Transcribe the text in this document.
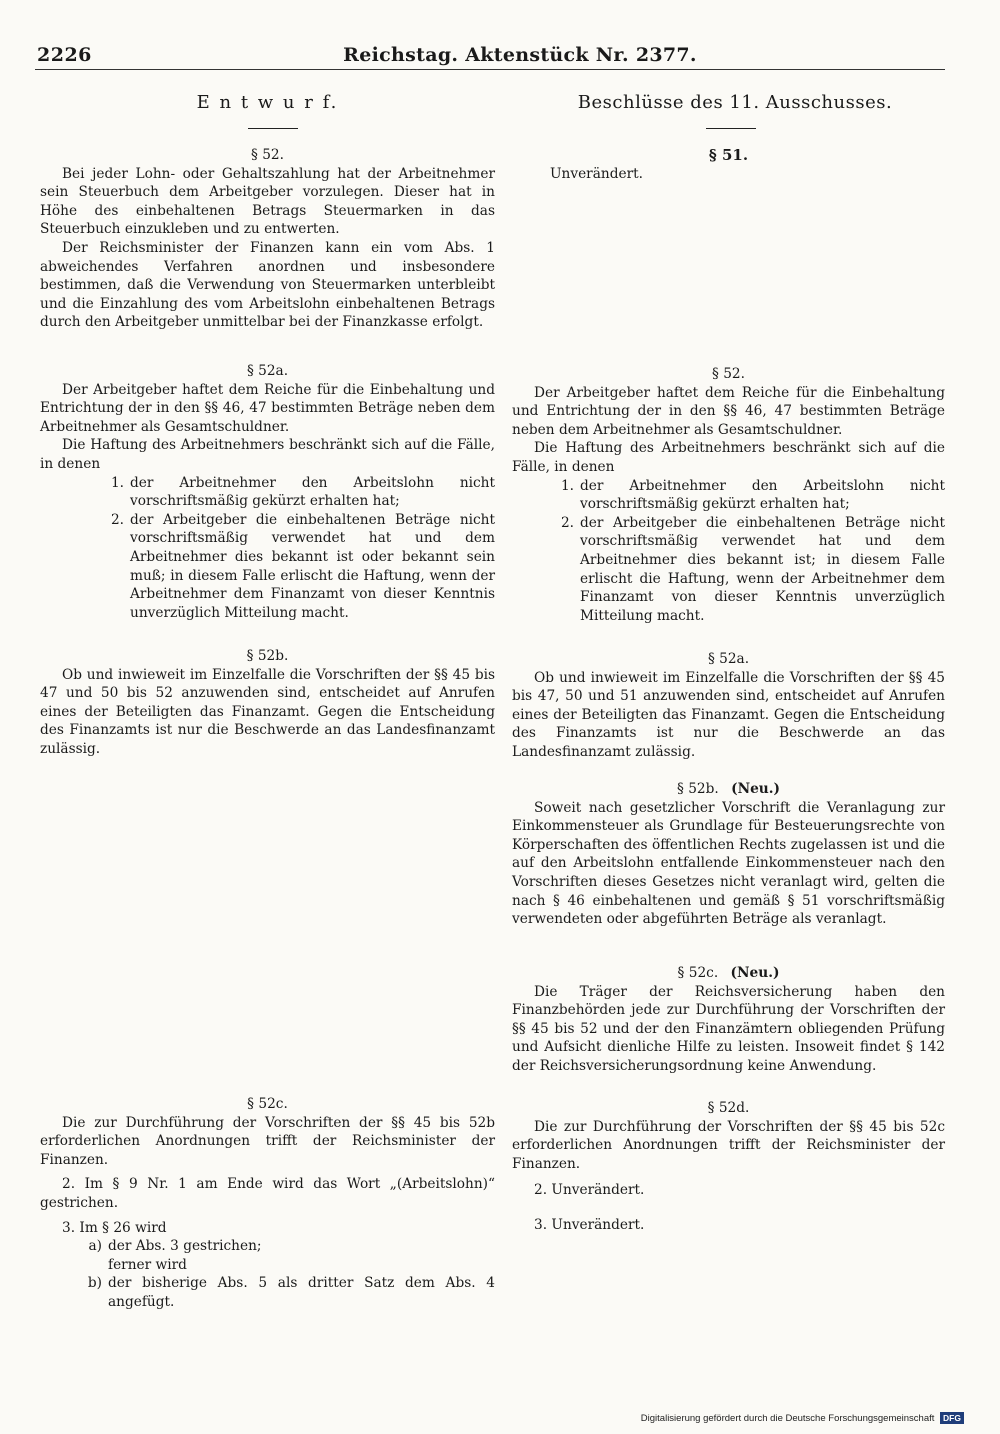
2226	Reichstag. Aktenstück Nr. 2377.
E n t w u r f.

§ 52.

Bei jeder Lohn- oder Gehaltszahlung hat der Arbeitnehmer sein Steuerbuch dem Arbeitgeber vorzulegen. Dieser hat in Höhe des einbehaltenen Betrags Steuermarken in das Steuerbuch einzukleben und zu entwerten.

Der Reichsminister der Finanzen kann ein vom Abs. 1 abweichendes Verfahren anordnen und insbesondere bestimmen, daß die Verwendung von Steuermarken unterbleibt und die Einzahlung des vom Arbeitslohn einbehaltenen Betrags durch den Arbeitgeber unmittelbar bei der Finanzkasse erfolgt.

§ 52a.

Der Arbeitgeber haftet dem Reiche für die Einbehaltung und Entrichtung der in den §§ 46, 47 bestimmten Beträge neben dem Arbeitnehmer als Gesamtschuldner.

Die Haftung des Arbeitnehmers beschränkt sich auf die Fälle, in denen

1. der Arbeitnehmer den Arbeitslohn nicht vorschriftsmäßig gekürzt erhalten hat;
2. der Arbeitgeber die einbehaltenen Beträge nicht vorschriftsmäßig verwendet hat und dem Arbeitnehmer dies bekannt ist oder bekannt sein muß; in diesem Falle erlischt die Haftung, wenn der Arbeitnehmer dem Finanzamt von dieser Kenntnis unverzüglich Mitteilung macht.

§ 52b.

Ob und inwieweit im Einzelfalle die Vorschriften der §§ 45 bis 47 und 50 bis 52 anzuwenden sind, entscheidet auf Anrufen eines der Beteiligten das Finanzamt. Gegen die Entscheidung des Finanzamts ist nur die Beschwerde an das Landesfinanzamt zulässig.

§ 52c.

Die zur Durchführung der Vorschriften der §§ 45 bis 52b erforderlichen Anordnungen trifft der Reichsminister der Finanzen.

2. Im § 9 Nr. 1 am Ende wird das Wort „(Arbeitslohn)“ gestrichen.

3. Im § 26 wird

a) der Abs. 3 gestrichen;
ferner wird
b) der bisherige Abs. 5 als dritter Satz dem Abs. 4 angefügt.
Beschlüsse des 11. Ausschusses.

§ 51.

Unverändert.

§ 52.

Der Arbeitgeber haftet dem Reiche für die Einbehaltung und Entrichtung der in den §§ 46, 47 bestimmten Beträge neben dem Arbeitnehmer als Gesamtschuldner.

Die Haftung des Arbeitnehmers beschränkt sich auf die Fälle, in denen

1. der Arbeitnehmer den Arbeitslohn nicht vorschriftsmäßig gekürzt erhalten hat;
2. der Arbeitgeber die einbehaltenen Beträge nicht vorschriftsmäßig verwendet hat und dem Arbeitnehmer dies bekannt ist; in diesem Falle erlischt die Haftung, wenn der Arbeitnehmer dem Finanzamt von dieser Kenntnis unverzüglich Mitteilung macht.

§ 52a.

Ob und inwieweit im Einzelfalle die Vorschriften der §§ 45 bis 47, 50 und 51 anzuwenden sind, entscheidet auf Anrufen eines der Beteiligten das Finanzamt. Gegen die Entscheidung des Finanzamts ist nur die Beschwerde an das Landesfinanzamt zulässig.

§ 52b. (Neu.)

Soweit nach gesetzlicher Vorschrift die Veranlagung zur Einkommensteuer als Grundlage für Besteuerungsrechte von Körperschaften des öffentlichen Rechts zugelassen ist und die auf den Arbeitslohn entfallende Einkommensteuer nach den Vorschriften dieses Gesetzes nicht veranlagt wird, gelten die nach § 46 einbehaltenen und gemäß § 51 vorschriftsmäßig verwendeten oder abgeführten Beträge als veranlagt.

§ 52c. (Neu.)

Die Träger der Reichsversicherung haben den Finanzbehörden jede zur Durchführung der Vorschriften der §§ 45 bis 52 und der den Finanzämtern obliegenden Prüfung und Aufsicht dienliche Hilfe zu leisten. Insoweit findet § 142 der Reichsversicherungsordnung keine Anwendung.

§ 52d.

Die zur Durchführung der Vorschriften der §§ 45 bis 52c erforderlichen Anordnungen trifft der Reichsminister der Finanzen.

2. Unverändert.

3. Unverändert.

Digitalisierung gefördert durch die Deutsche Forschungsgemeinschaft DFG
